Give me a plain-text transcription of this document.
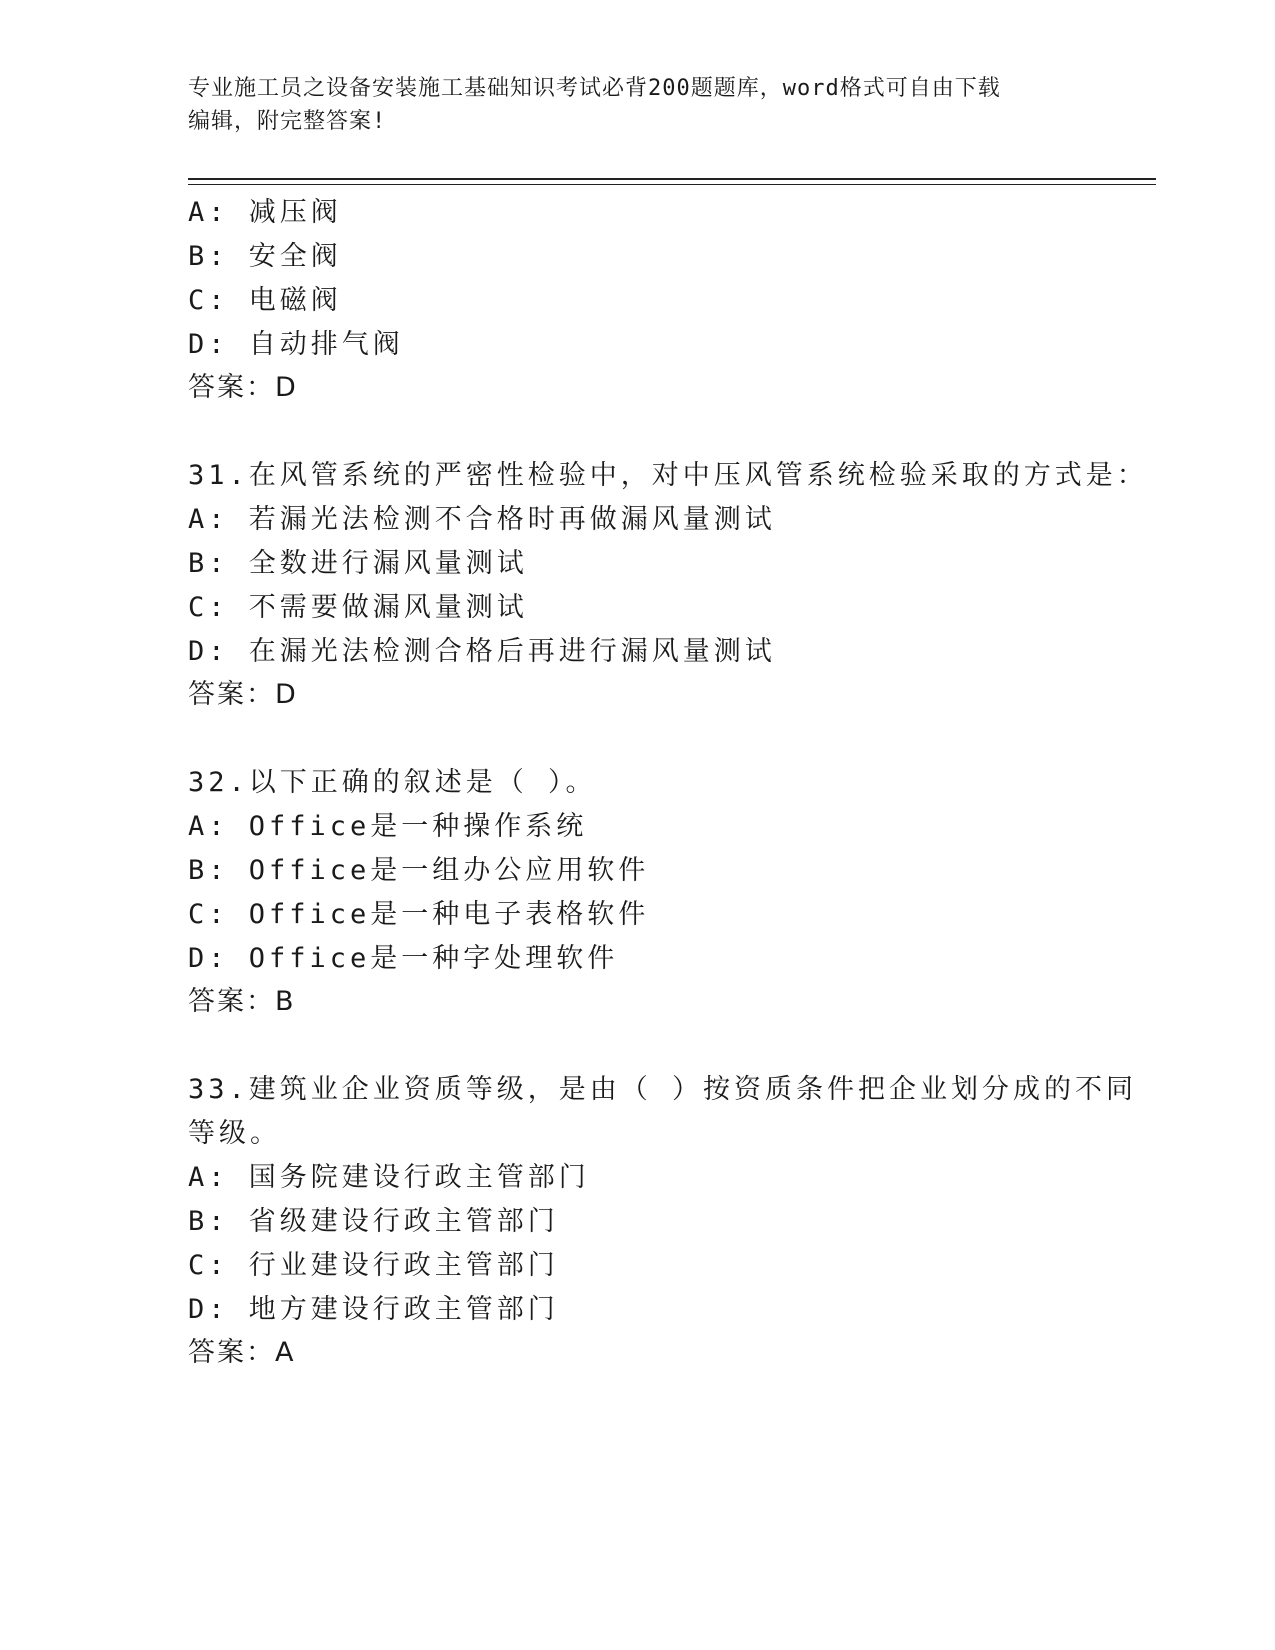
专业施工员之设备安装施工基础知识考试必背200题题库，word格式可自由下载
编辑，附完整答案!
A: 减压阀
B: 安全阀
C: 电磁阀
D: 自动排气阀
答案：D
31.在风管系统的严密性检验中，对中压风管系统检验采取的方式是：
A: 若漏光法检测不合格时再做漏风量测试
B: 全数进行漏风量测试
C: 不需要做漏风量测试
D: 在漏光法检测合格后再进行漏风量测试
答案：D
32.以下正确的叙述是（ ）。
A: Office是一种操作系统
B: Office是一组办公应用软件
C: Office是一种电子表格软件
D: Office是一种字处理软件
答案：B
33.建筑业企业资质等级，是由（ ）按资质条件把企业划分成的不同
等级。
A: 国务院建设行政主管部门
B: 省级建设行政主管部门
C: 行业建设行政主管部门
D: 地方建设行政主管部门
答案：A
